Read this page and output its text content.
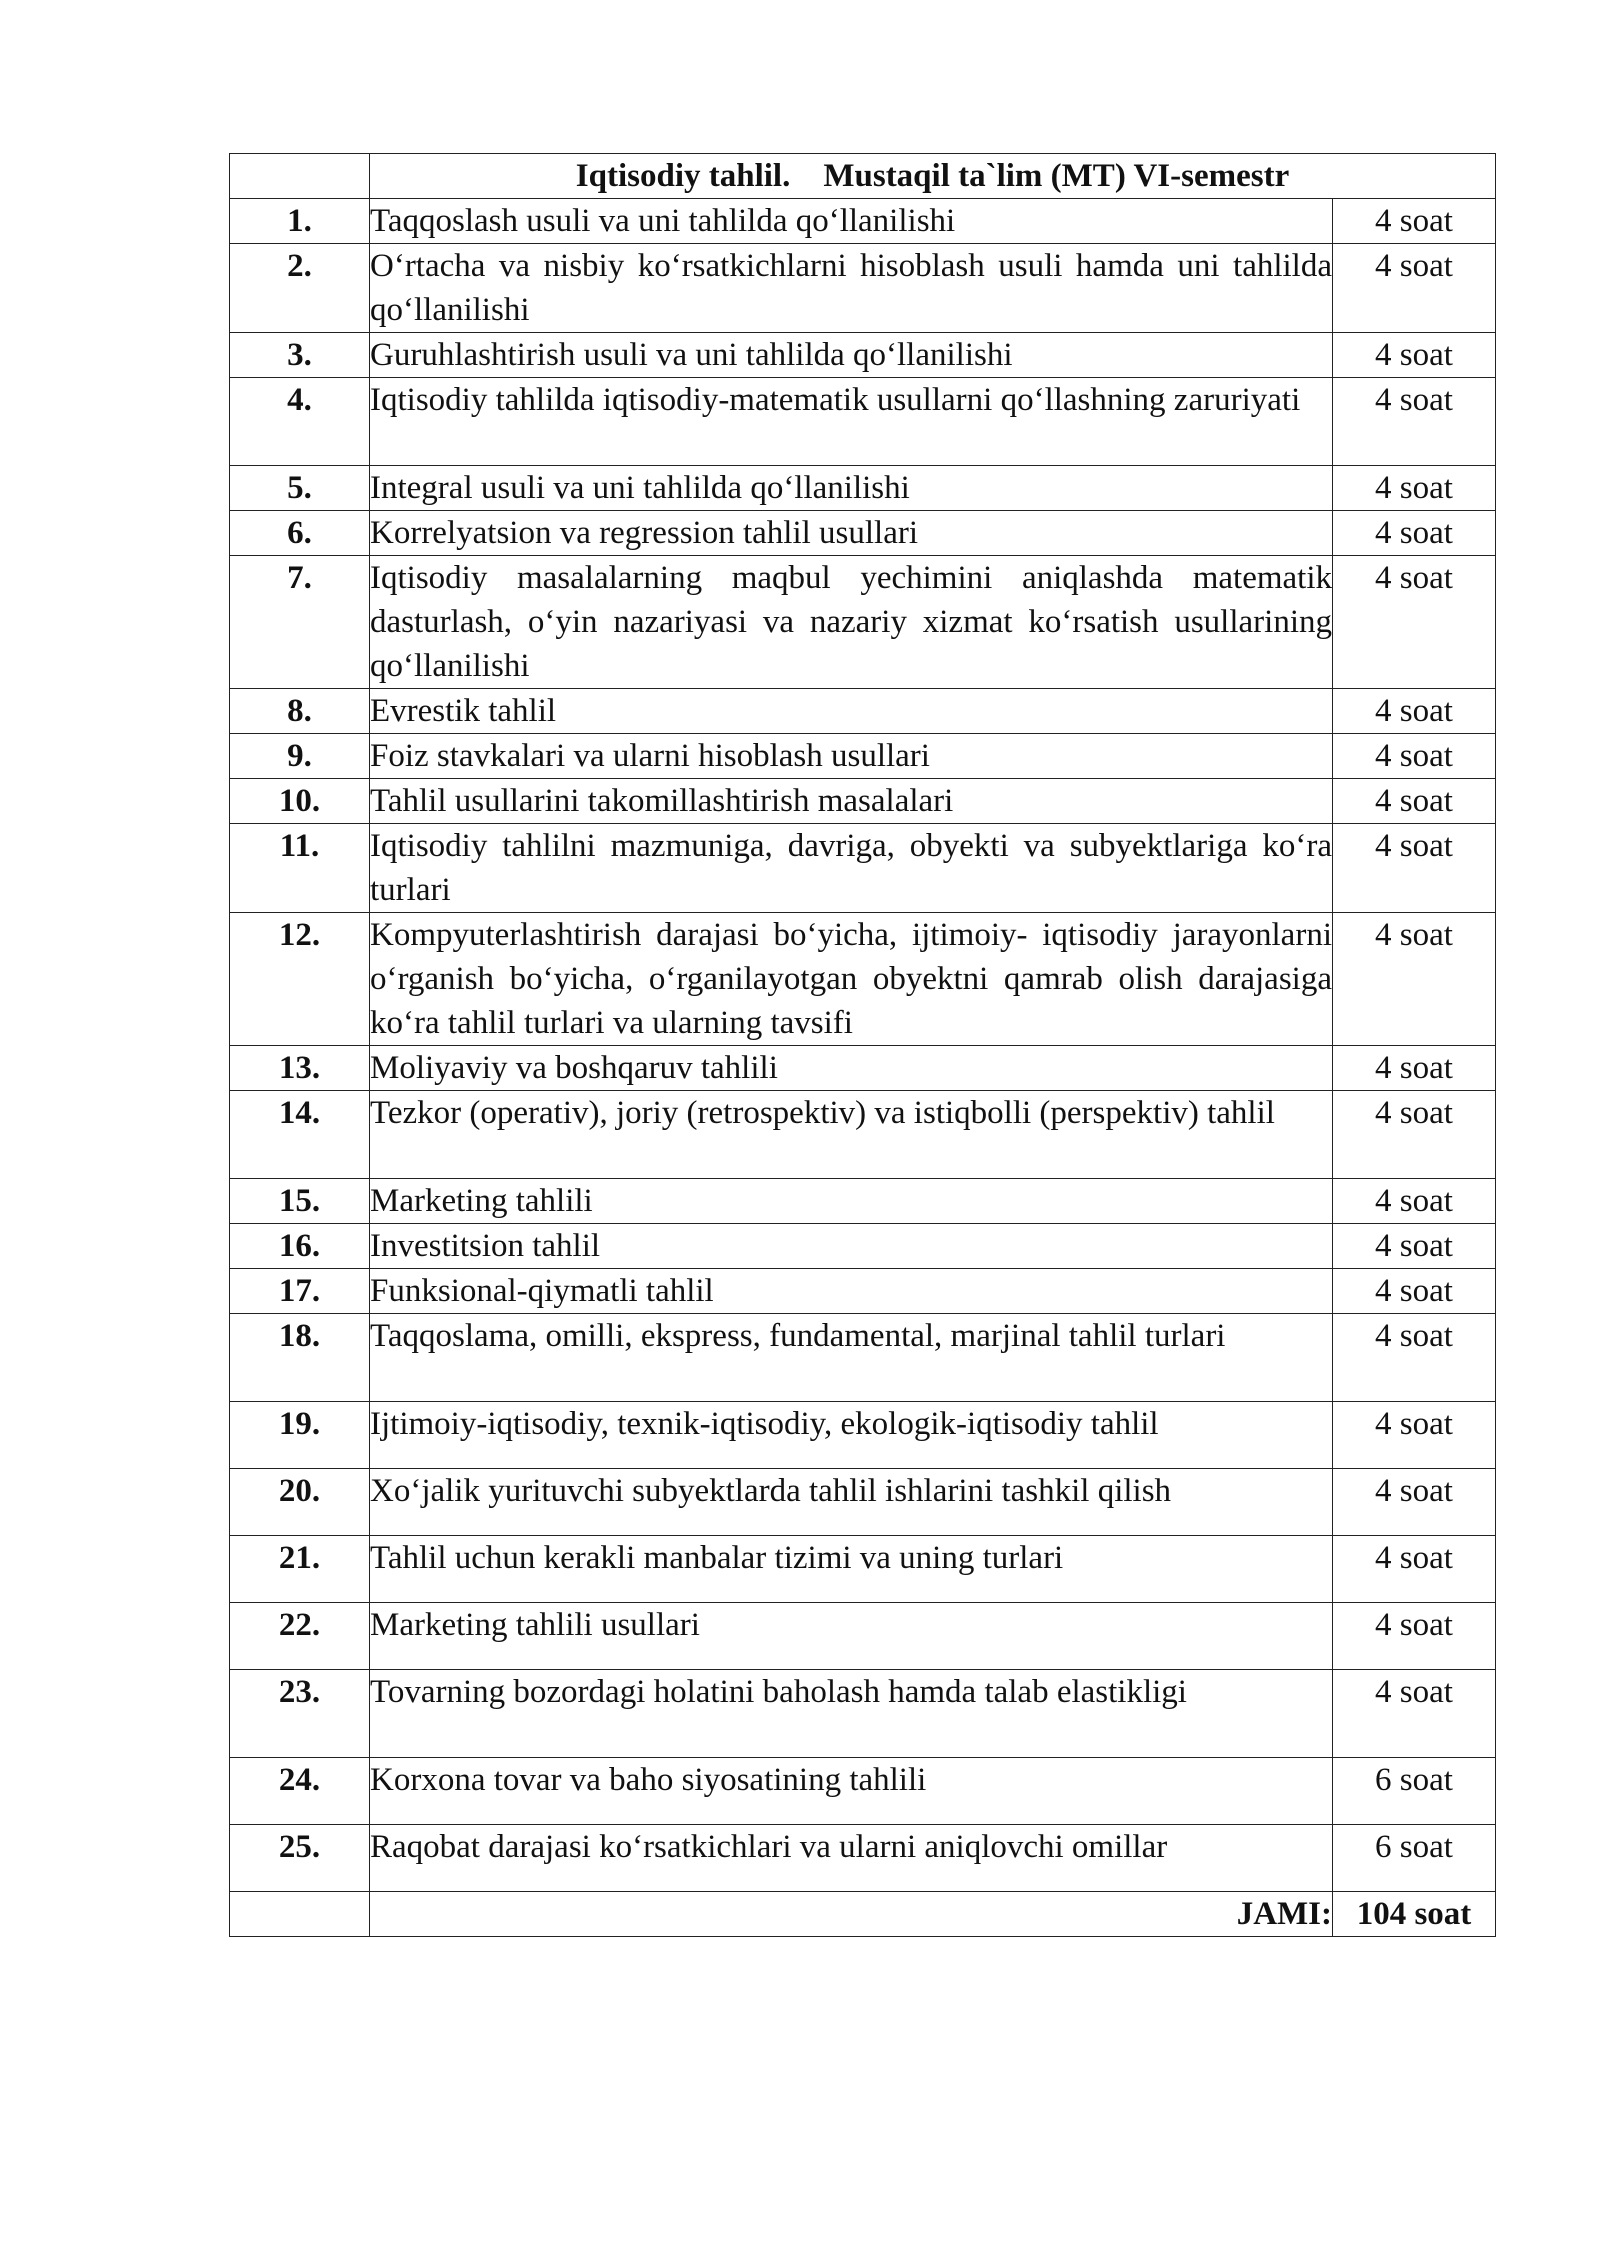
	Iqtisodiy tahlil.    Mustaqil ta`lim (MT) VI-semestr	
1.	Taqqoslash usuli va uni tahlilda qo‘llanilishi	4 soat

2.	O‘rtacha va nisbiy ko‘rsatkichlarni hisoblash usuli hamda uni tahlilda qo‘llanilishi	4 soat

3.	Guruhlashtirish usuli va uni tahlilda qo‘llanilishi	4 soat

4.	Iqtisodiy tahlilda iqtisodiy-matematik usullarni qo‘llashning zaruriyati	4 soat

5.	Integral usuli va uni tahlilda qo‘llanilishi	4 soat

6.	Korrelyatsion va regression tahlil usullari	4 soat

7.	Iqtisodiy masalalarning maqbul yechimini aniqlashda matematik dasturlash, o‘yin nazariyasi va nazariy xizmat ko‘rsatish usullarining qo‘llanilishi	4 soat

8.	Evrestik tahlil	4 soat

9.	Foiz stavkalari va ularni hisoblash usullari	4 soat

10.	Tahlil usullarini takomillashtirish masalalari	4 soat

11.	Iqtisodiy tahlilni mazmuniga, davriga, obyekti va subyektlariga ko‘ra turlari	4 soat

12.	Kompyuterlashtirish darajasi bo‘yicha, ijtimoiy- iqtisodiy jarayonlarni o‘rganish bo‘yicha, o‘rganilayotgan obyektni qamrab olish darajasiga ko‘ra tahlil turlari va ularning tavsifi	4 soat

13.	Moliyaviy va boshqaruv tahlili	4 soat

14.	Tezkor (operativ), joriy (retrospektiv) va istiqbolli (perspektiv) tahlil	4 soat

15.	Marketing tahlili	4 soat

16.	Investitsion tahlil	4 soat

17.	Funksional-qiymatli tahlil	4 soat

18.	Taqqoslama, omilli, ekspress, fundamental, marjinal tahlil turlari	4 soat

19.	Ijtimoiy-iqtisodiy, texnik-iqtisodiy, ekologik-iqtisodiy tahlil	4 soat

20.	Xo‘jalik yurituvchi subyektlarda tahlil ishlarini tashkil qilish	4 soat

21.	Tahlil uchun kerakli manbalar tizimi va uning turlari	4 soat

22.	Marketing tahlili usullari	4 soat

23.	Tovarning bozordagi holatini baholash hamda talab elastikligi	4 soat

24.	Korxona tovar va baho siyosatining tahlili	6 soat

25.	Raqobat darajasi ko‘rsatkichlari va ularni aniqlovchi omillar	6 soat

	JAMI:	104 soat
